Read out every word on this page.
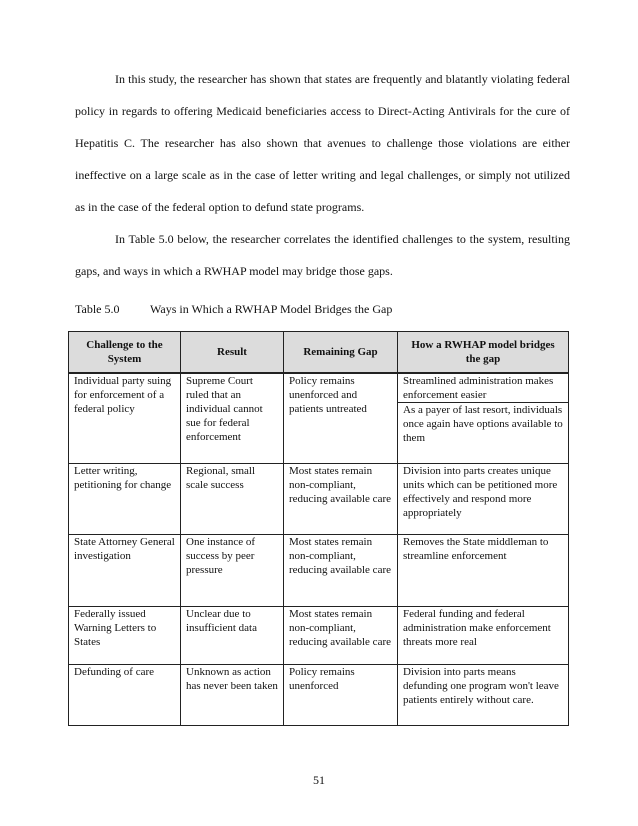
In this study, the researcher has shown that states are frequently and blatantly violating federal policy in regards to offering Medicaid beneficiaries access to Direct-Acting Antivirals for the cure of Hepatitis C. The researcher has also shown that avenues to challenge those violations are either ineffective on a large scale as in the case of letter writing and legal challenges, or simply not utilized as in the case of the federal option to defund state programs.

In Table 5.0 below, the researcher correlates the identified challenges to the system, resulting gaps, and ways in which a RWHAP model may bridge those gaps.

Table 5.0	Ways in Which a RWHAP Model Bridges the Gap
Challenge to the System	Result	Remaining Gap	How a RWHAP model bridges the gap
Individual party suing for enforcement of a federal policy	Supreme Court ruled that an individual cannot sue for federal enforcement	Policy remains unenforced and patients untreated	Streamlined administration makes enforcement easier
As a payer of last resort, individuals once again have options available to them

Letter writing, petitioning for change	Regional, small scale success	Most states remain non-compliant, reducing available care	Division into parts creates unique units which can be petitioned more effectively and respond more appropriately

State Attorney General investigation	One instance of success by peer pressure	Most states remain non-compliant, reducing available care	Removes the State middleman to streamline enforcement

Federally issued Warning Letters to States	Unclear due to insufficient data	Most states remain non-compliant, reducing available care	Federal funding and federal administration make enforcement threats more real

Defunding of care	Unknown as action has never been taken	Policy remains unenforced	Division into parts means defunding one program won't leave patients entirely without care.
51
